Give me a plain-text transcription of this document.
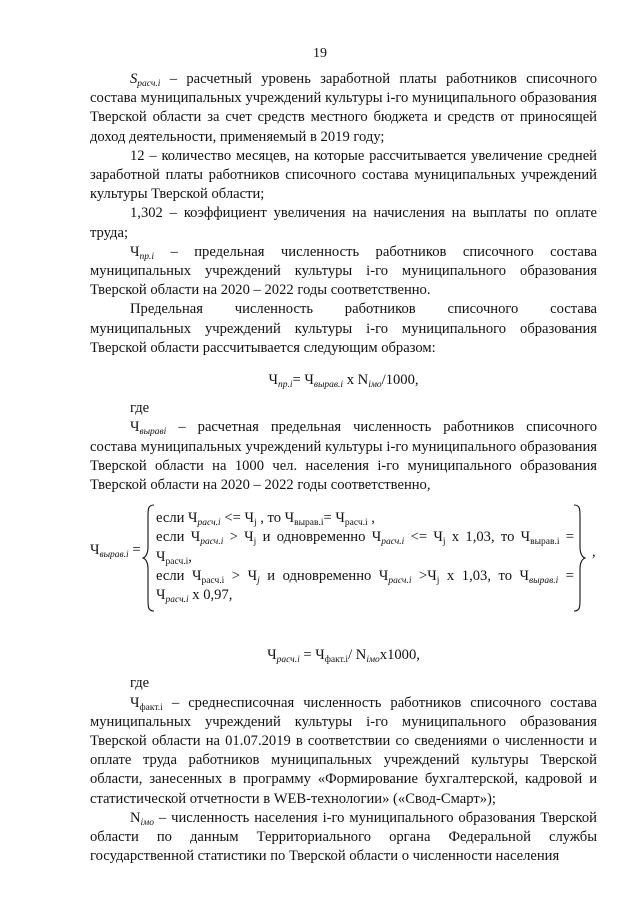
19

$S_{расч.i}$ – расчетный уровень заработной платы работников списочного состава муниципальных учреждений культуры i-го муниципального образования Тверской области за счет средств местного бюджета и средств от приносящей доход деятельности, применяемый в 2019 году;

12 – количество месяцев, на которые рассчитывается увеличение средней заработной платы работников списочного состава муниципальных учреждений культуры Тверской области;

1,302 – коэффициент увеличения на начисления на выплаты по оплате труда;

$Ч_{пр.i}$ – предельная численность работников списочного состава муниципальных учреждений культуры i-го муниципального образования Тверской области на 2020 – 2022 годы соответственно.

Предельная численность работников списочного состава

муниципальных учреждений культуры i-го муниципального образования Тверской области рассчитывается следующим образом:

$Ч_{пр.i}= Ч_{вырав.i}$ x $N_{iмо}/1000$,

где

$Ч_{выравi}$ – расчетная предельная численность работников списочного состава муниципальных учреждений культуры i-го муниципального образования Тверской области на 1000 чел. населения i-го муниципального образования Тверской области на 2020 – 2022 годы соответственно,

$Ч_{вырав.i}$ =
если $Ч_{расч.i} <= Ч_j$ , то $Ч_{вырав.i}= Ч_{расч.i}$ ,
если $Ч_{расч.i} > Ч_j$ и одновременно $Ч_{расч.i} <= Ч_j$ x 1,03, то $Ч_{вырав.i}$ =
$Ч_{расч.i}$,
если $Ч_{расч.i} > Ч_j$ и одновременно $Ч_{расч.i} >Ч_j$ x 1,03, то $Ч_{вырав.i}$ =
$Ч_{расч.i}$ x 0,97,
,

$Ч_{расч.i} = Ч_{факт.i}/$ $N_{iмо}x1000$,

где

$Ч_{факт.i}$ – среднесписочная численность работников списочного состава муниципальных учреждений культуры i-го муниципального образования Тверской области на 01.07.2019 в соответствии со сведениями о численности и оплате труда работников муниципальных учреждений культуры Тверской области, занесенных в программу «Формирование бухгалтерской, кадровой и статистической отчетности в WEB-технологии» («Свод-Смарт»);

$N_{iмо}$ – численность населения i-го муниципального образования Тверской области по данным Территориального органа Федеральной службы государственной статистики по Тверской области о численности населения
